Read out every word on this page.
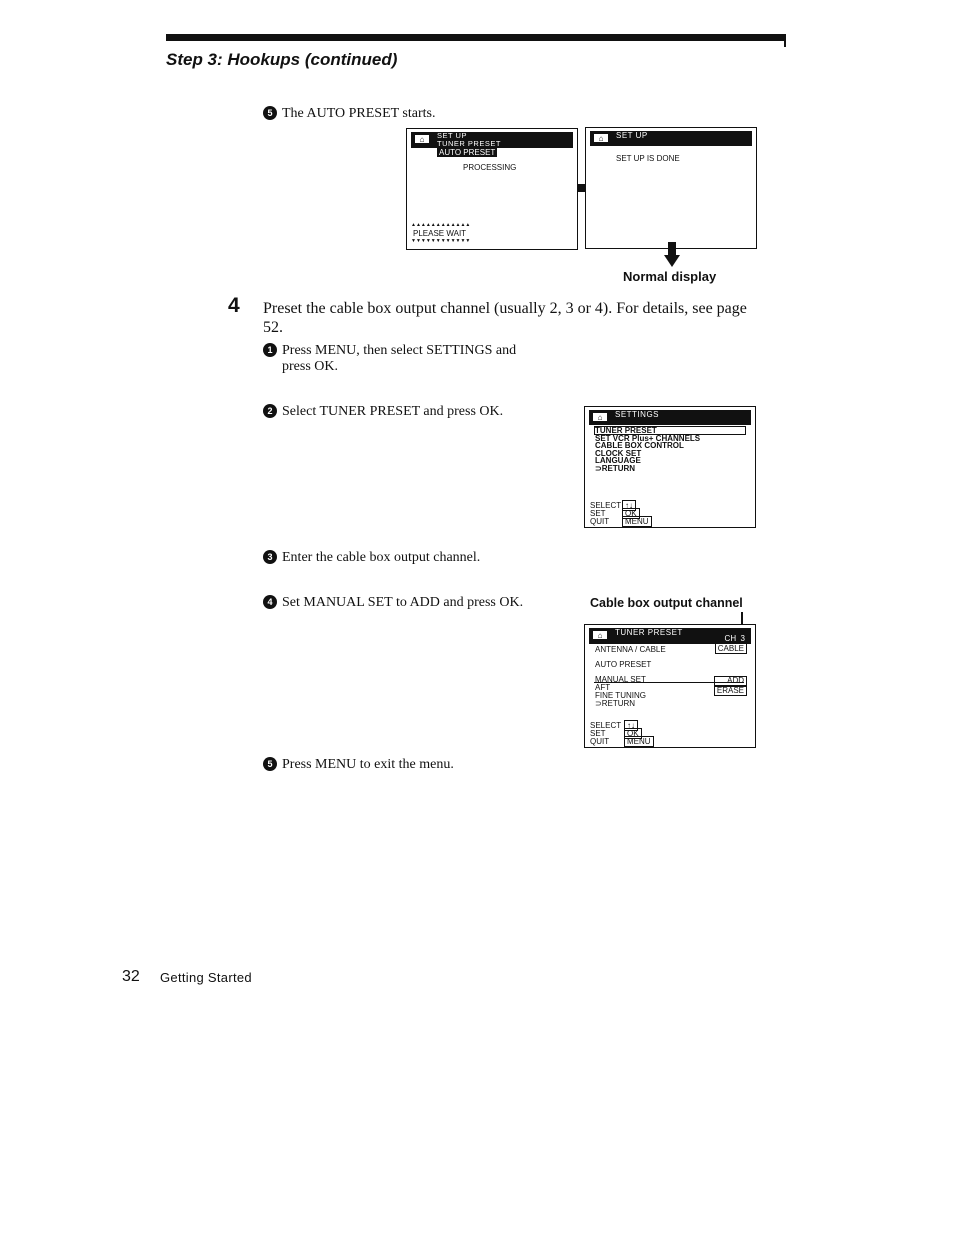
Step 3: Hookups (continued)
5 The AUTO PRESET starts.
⌂	SET UP
TUNER PRESET
AUTO PRESET
PROCESSING
▲▲▲▲▲▲▲▲▲▲▲▲
PLEASE WAIT
▼▼▼▼▼▼▼▼▼▼▼▼
⌂	SET UP
SET UP IS DONE
Normal display
4 Preset the cable box output channel (usually 2, 3 or 4). For details, see page 52.
1 Press MENU, then select SETTINGS and
press OK.
2 Select TUNER PRESET and press OK.	⌂	SETTINGS
TUNER PRESET
SET VCR Plus+ CHANNELS
CABLE BOX CONTROL
CLOCK SET
LANGUAGE
⊃RETURN
SELECT ↑↓
SET OK
QUIT MENU
3 Enter the cable box output channel.
4 Set MANUAL SET to ADD and press OK.	Cable box output channel
⌂	TUNER PRESET
CH  3
ANTENNA / CABLE	CABLE
AUTO PRESET
MANUAL SET	ADD
ERASE
AFT
FINE TUNING
⊃RETURN
SELECT ↑↓
SET	OK
QUIT MENU
5 Press MENU to exit the menu.
32 Getting Started
